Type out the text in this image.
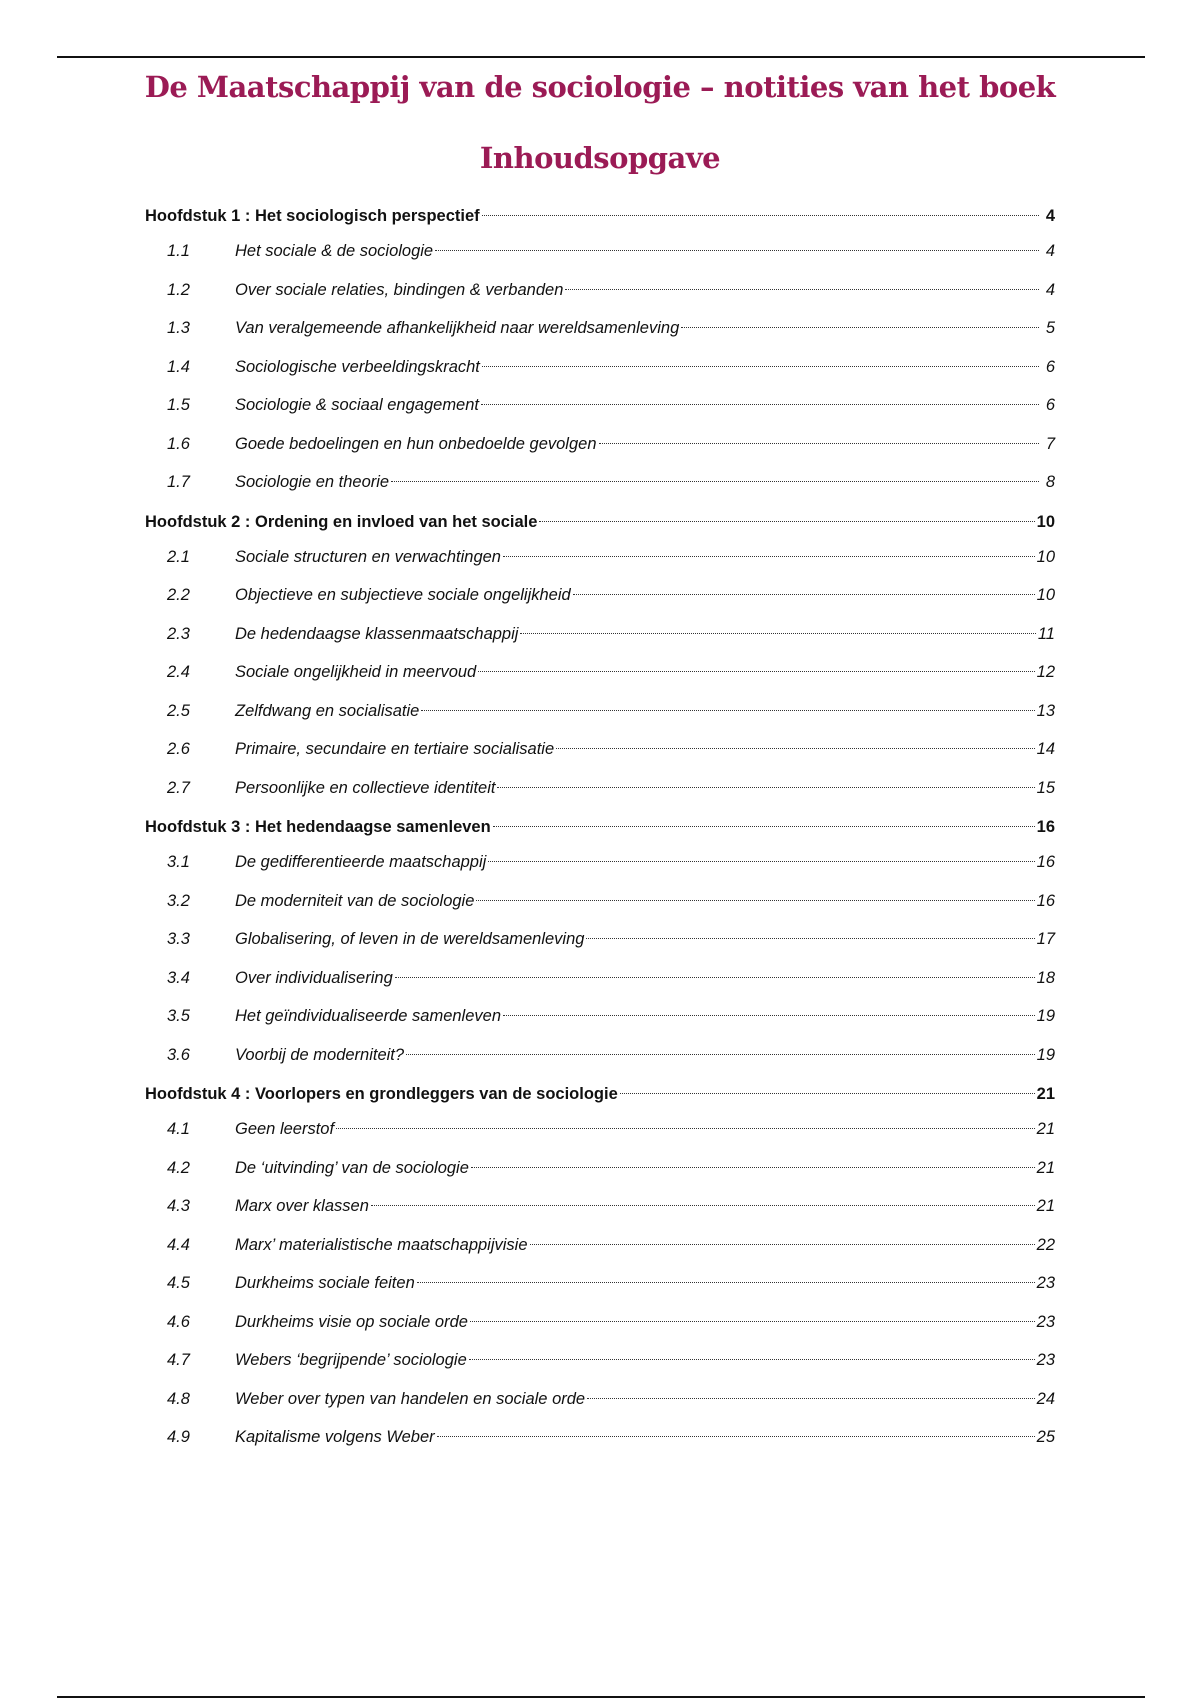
De Maatschappij van de sociologie – notities van het boek
Inhoudsopgave
Hoofdstuk 1 : Het sociologisch perspectief	4
1.1	Het sociale & de sociologie	4
1.2	Over sociale relaties, bindingen & verbanden	4
1.3	Van veralgemeende afhankelijkheid naar wereldsamenleving	5
1.4	Sociologische verbeeldingskracht	6
1.5	Sociologie & sociaal engagement	6
1.6	Goede bedoelingen en hun onbedoelde gevolgen	7
1.7	Sociologie en theorie	8
Hoofdstuk 2 : Ordening en invloed van het sociale	10
2.1	Sociale structuren en verwachtingen	10
2.2	Objectieve en subjectieve sociale ongelijkheid	10
2.3	De hedendaagse klassenmaatschappij	11
2.4	Sociale ongelijkheid in meervoud	12
2.5	Zelfdwang en socialisatie	13
2.6	Primaire, secundaire en tertiaire socialisatie	14
2.7	Persoonlijke en collectieve identiteit	15
Hoofdstuk 3 : Het hedendaagse samenleven	16
3.1	De gedifferentieerde maatschappij	16
3.2	De moderniteit van de sociologie	16
3.3	Globalisering, of leven in de wereldsamenleving	17
3.4	Over individualisering	18
3.5	Het geïndividualiseerde samenleven	19
3.6	Voorbij de moderniteit?	19
Hoofdstuk 4 : Voorlopers en grondleggers van de sociologie	21
4.1	Geen leerstof	21
4.2	De ‘uitvinding’ van de sociologie	21
4.3	Marx over klassen	21
4.4	Marx’ materialistische maatschappijvisie	22
4.5	Durkheims sociale feiten	23
4.6	Durkheims visie op sociale orde	23
4.7	Webers ‘begrijpende’ sociologie	23
4.8	Weber over typen van handelen en sociale orde	24
4.9	Kapitalisme volgens Weber	25
